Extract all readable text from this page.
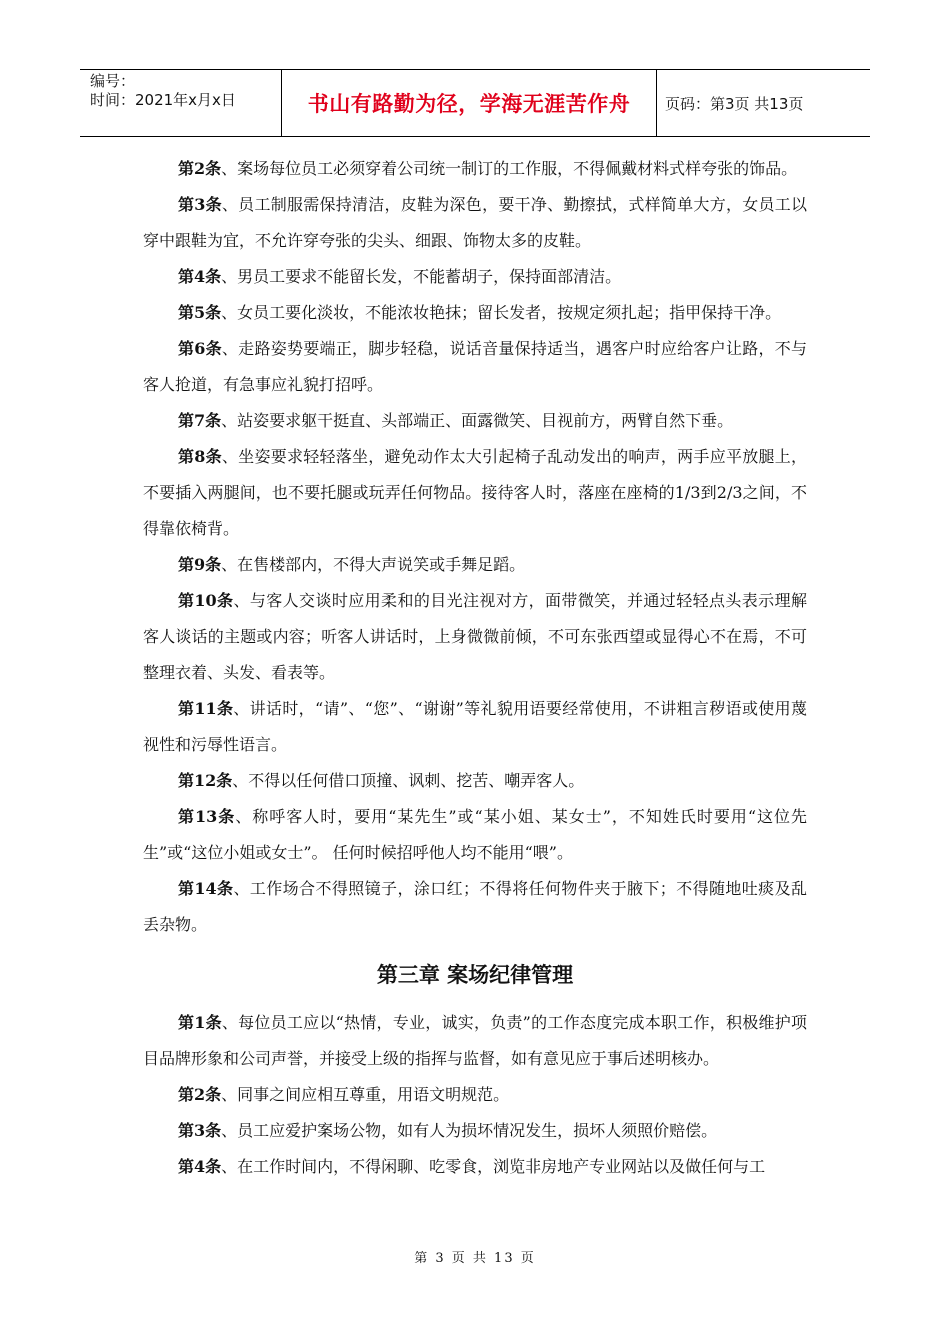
编号：
时间：2021年x月x日	书山有路勤为径，学海无涯苦作舟 页码：第3页 共13页

第2条、案场每位员工必须穿着公司统一制订的工作服，不得佩戴材料式样夸张的饰品。

第3条、员工制服需保持清洁，皮鞋为深色，要干净、勤擦拭，式样简单大方，女员工以穿中跟鞋为宜，不允许穿夸张的尖头、细跟、饰物太多的皮鞋。

第4条、男员工要求不能留长发，不能蓄胡子，保持面部清洁。

第5条、女员工要化淡妆，不能浓妆艳抹；留长发者，按规定须扎起；指甲保持干净。

第6条、走路姿势要端正，脚步轻稳，说话音量保持适当，遇客户时应给客户让路，不与客人抢道，有急事应礼貌打招呼。

第7条、站姿要求躯干挺直、头部端正、面露微笑、目视前方，两臂自然下垂。

第8条、坐姿要求轻轻落坐，避免动作太大引起椅子乱动发出的响声，两手应平放腿上，不要插入两腿间，也不要托腿或玩弄任何物品。接待客人时，落座在座椅的1/3到2/3之间，不得靠依椅背。

第9条、在售楼部内，不得大声说笑或手舞足蹈。

第10条、与客人交谈时应用柔和的目光注视对方，面带微笑，并通过轻轻点头表示理解客人谈话的主题或内容；听客人讲话时，上身微微前倾，不可东张西望或显得心不在焉，不可整理衣着、头发、看表等。

第11条、讲话时，“请”、“您”、“谢谢”等礼貌用语要经常使用，不讲粗言秽语或使用蔑视性和污辱性语言。

第12条、不得以任何借口顶撞、讽刺、挖苦、嘲弄客人。

第13条、称呼客人时，要用“某先生”或“某小姐、某女士”，不知姓氏时要用“这位先生”或“这位小姐或女士”。 任何时候招呼他人均不能用“喂”。

第14条、工作场合不得照镜子，涂口红；不得将任何物件夹于腋下；不得随地吐痰及乱丢杂物。

第三章 案场纪律管理

第1条、每位员工应以“热情，专业，诚实，负责”的工作态度完成本职工作，积极维护项目品牌形象和公司声誉，并接受上级的指挥与监督，如有意见应于事后述明核办。

第2条、同事之间应相互尊重，用语文明规范。

第3条、员工应爱护案场公物，如有人为损坏情况发生，损坏人须照价赔偿。

第4条、在工作时间内，不得闲聊、吃零食，浏览非房地产专业网站以及做任何与工

第 3 页 共 13 页
